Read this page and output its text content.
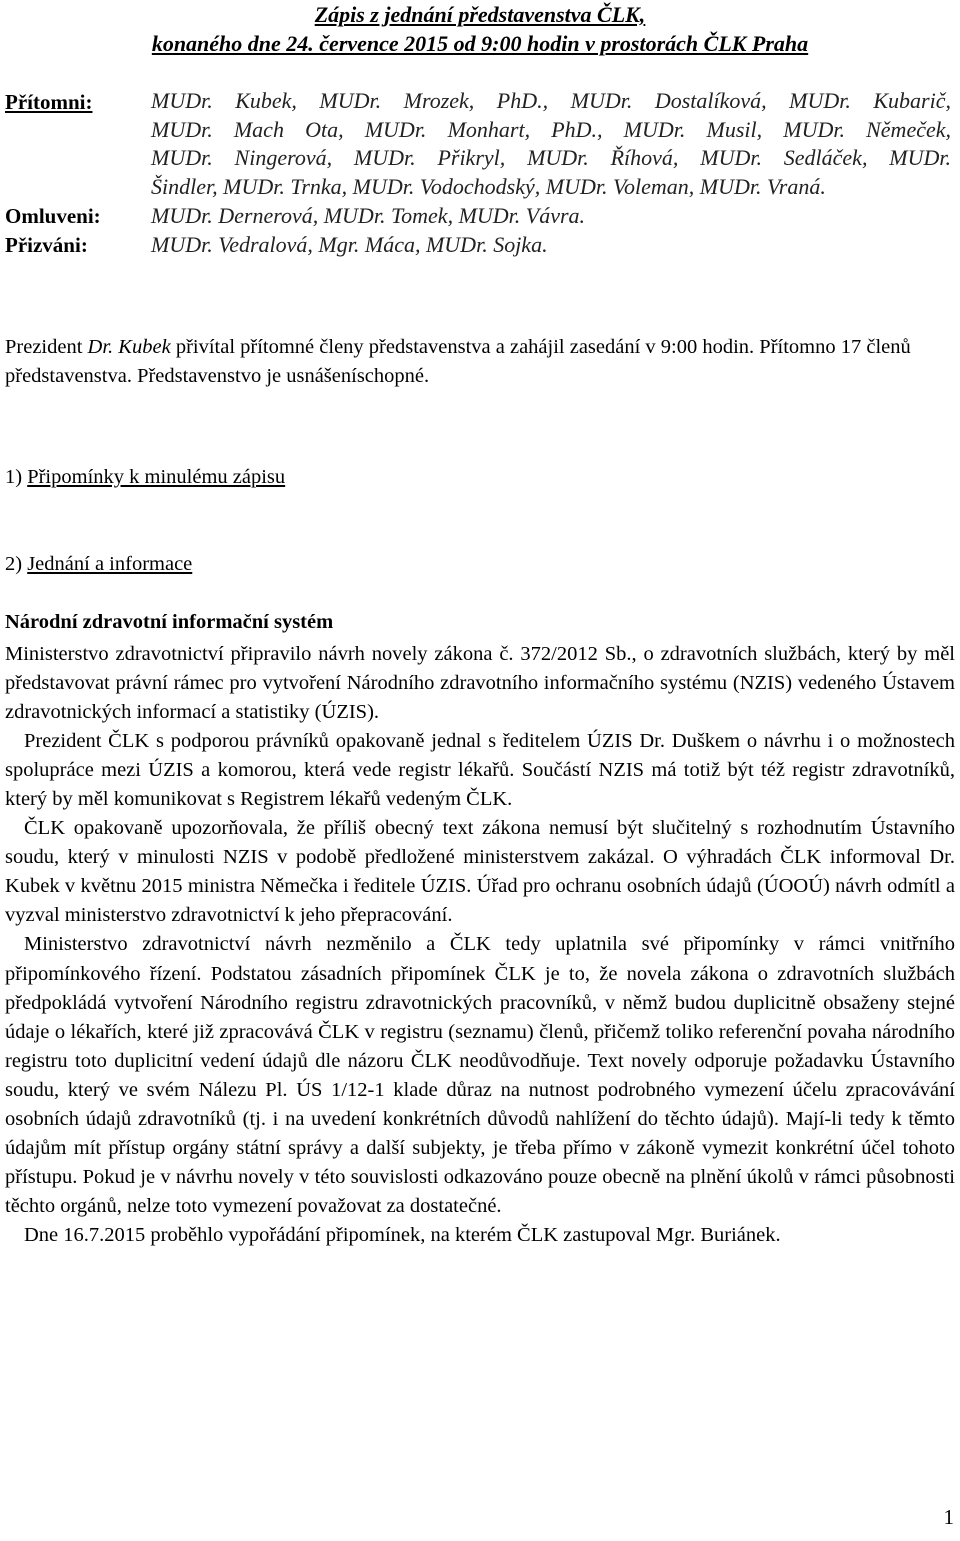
Zápis z jednání představenstva ČLK,
konaného dne 24. července 2015 od 9:00 hodin v prostorách ČLK Praha
Přítomni:	MUDr. Kubek, MUDr. Mrozek, PhD., MUDr. Dostalíková, MUDr. Kubarič,
MUDr. Mach Ota, MUDr. Monhart, PhD., MUDr. Musil, MUDr. Němeček,
MUDr. Ningerová, MUDr. Přikryl, MUDr. Říhová, MUDr. Sedláček, MUDr.
Šindler, MUDr. Trnka, MUDr. Vodochodský, MUDr. Voleman, MUDr. Vraná.
Omluveni: MUDr. Dernerová, MUDr. Tomek, MUDr. Vávra.
Přizváni:	MUDr. Vedralová, Mgr. Máca, MUDr. Sojka.
Prezident Dr. Kubek přivítal přítomné členy představenstva a zahájil zasedání v 9:00 hodin. Přítomno 17 členů představenstva. Představenstvo je usnášeníschopné.
1) Připomínky k minulému zápisu
2) Jednání a informace
Národní zdravotní informační systém

Ministerstvo zdravotnictví připravilo návrh novely zákona č. 372/2012 Sb., o zdravotních službách, který by měl představovat právní rámec pro vytvoření Národního zdravotního informačního systému (NZIS) vedeného Ústavem zdravotnických informací a statistiky (ÚZIS).

Prezident ČLK s podporou právníků opakovaně jednal s ředitelem ÚZIS Dr. Duškem o návrhu i o možnostech spolupráce mezi ÚZIS a komorou, která vede registr lékařů. Součástí NZIS má totiž být též registr zdravotníků, který by měl komunikovat s Registrem lékařů vedeným ČLK.

ČLK opakovaně upozorňovala, že příliš obecný text zákona nemusí být slučitelný s rozhodnutím Ústavního soudu, který v minulosti NZIS v podobě předložené ministerstvem zakázal. O výhradách ČLK informoval Dr. Kubek v květnu 2015 ministra Němečka i ředitele ÚZIS. Úřad pro ochranu osobních údajů (ÚOOÚ) návrh odmítl a vyzval ministerstvo zdravotnictví k jeho přepracování.

Ministerstvo zdravotnictví návrh nezměnilo a ČLK tedy uplatnila své připomínky v rámci vnitřního připomínkového řízení. Podstatou zásadních připomínek ČLK je to, že novela zákona o zdravotních službách předpokládá vytvoření Národního registru zdravotnických pracovníků, v němž budou duplicitně obsaženy stejné údaje o lékařích, které již zpracovává ČLK v registru (seznamu) členů, přičemž toliko referenční povaha národního registru toto duplicitní vedení údajů dle názoru ČLK neodůvodňuje. Text novely odporuje požadavku Ústavního soudu, který ve svém Nálezu Pl. ÚS 1/12-1 klade důraz na nutnost podrobného vymezení účelu zpracovávání osobních údajů zdravotníků (tj. i na uvedení konkrétních důvodů nahlížení do těchto údajů). Mají-li tedy k těmto údajům mít přístup orgány státní správy a další subjekty, je třeba přímo v zákoně vymezit konkrétní účel tohoto přístupu. Pokud je v návrhu novely v této souvislosti odkazováno pouze obecně na plnění úkolů v rámci působnosti těchto orgánů, nelze toto vymezení považovat za dostatečné.

Dne 16.7.2015 proběhlo vypořádání připomínek, na kterém ČLK zastupoval Mgr. Buriánek.

1
